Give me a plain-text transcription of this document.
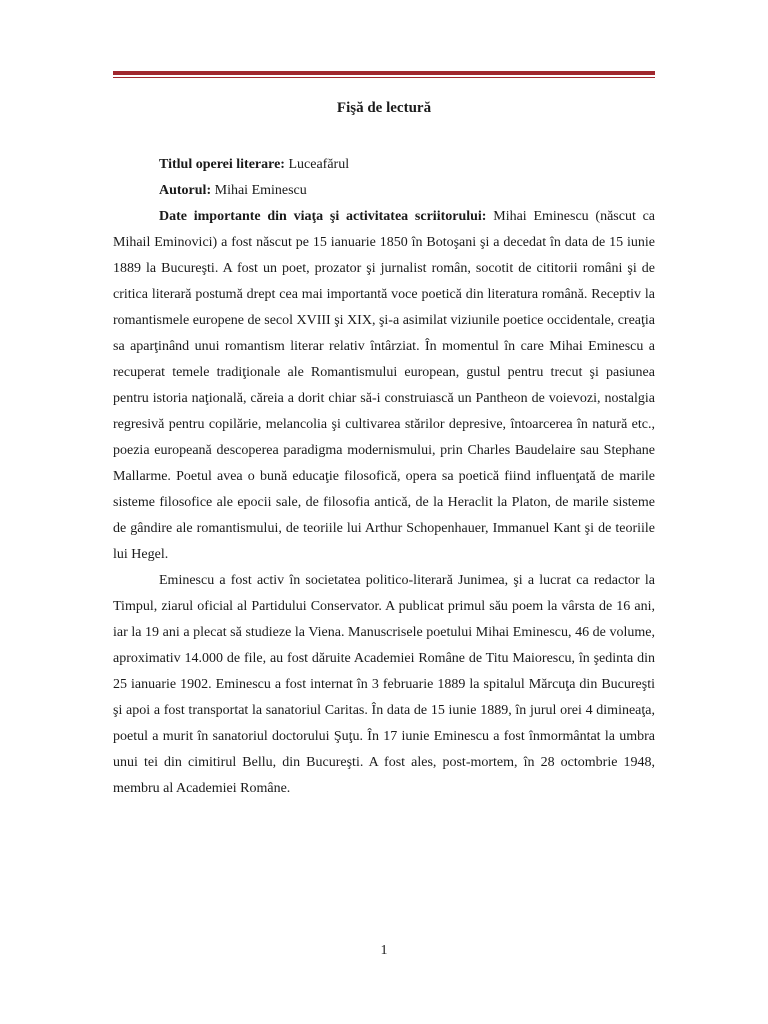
Fişă de lectură

Titlul operei literare: Luceafărul

Autorul: Mihai Eminescu

Date importante din viaţa şi activitatea scriitorului: Mihai Eminescu (născut ca Mihail Eminovici) a fost născut pe 15 ianuarie 1850 în Botoşani şi a decedat în data de 15 iunie 1889 la Bucureşti. A fost un poet, prozator şi jurnalist român, socotit de cititorii români şi de critica literară postumă drept cea mai importantă voce poetică din literatura română. Receptiv la romantismele europene de secol XVIII şi XIX, şi-a asimilat viziunile poetice occidentale, creaţia sa aparţinând unui romantism literar relativ întârziat. În momentul în care Mihai Eminescu a recuperat temele tradiţionale ale Romantismului european, gustul pentru trecut şi pasiunea pentru istoria naţională, căreia a dorit chiar să-i construiască un Pantheon de voievozi, nostalgia regresivă pentru copilărie, melancolia şi cultivarea stărilor depresive, întoarcerea în natură etc., poezia europeană descoperea paradigma modernismului, prin Charles Baudelaire sau Stephane Mallarme. Poetul avea o bună educaţie filosofică, opera sa poetică fiind influenţată de marile sisteme filosofice ale epocii sale, de filosofia antică, de la Heraclit la Platon, de marile sisteme de gândire ale romantismului, de teoriile lui Arthur Schopenhauer, Immanuel Kant şi de teoriile lui Hegel.

Eminescu a fost activ în societatea politico-literară Junimea, şi a lucrat ca redactor la Timpul, ziarul oficial al Partidului Conservator. A publicat primul său poem la vârsta de 16 ani, iar la 19 ani a plecat să studieze la Viena. Manuscrisele poetului Mihai Eminescu, 46 de volume, aproximativ 14.000 de file, au fost dăruite Academiei Române de Titu Maiorescu, în şedinta din 25 ianuarie 1902. Eminescu a fost internat în 3 februarie 1889 la spitalul Mărcuţa din Bucureşti şi apoi a fost transportat la sanatoriul Caritas. În data de 15 iunie 1889, în jurul orei 4 dimineaţa, poetul a murit în sanatoriul doctorului Şuţu. În 17 iunie Eminescu a fost înmormântat la umbra unui tei din cimitirul Bellu, din Bucureşti. A fost ales, post-mortem, în 28 octombrie 1948, membru al Academiei Române.

1
